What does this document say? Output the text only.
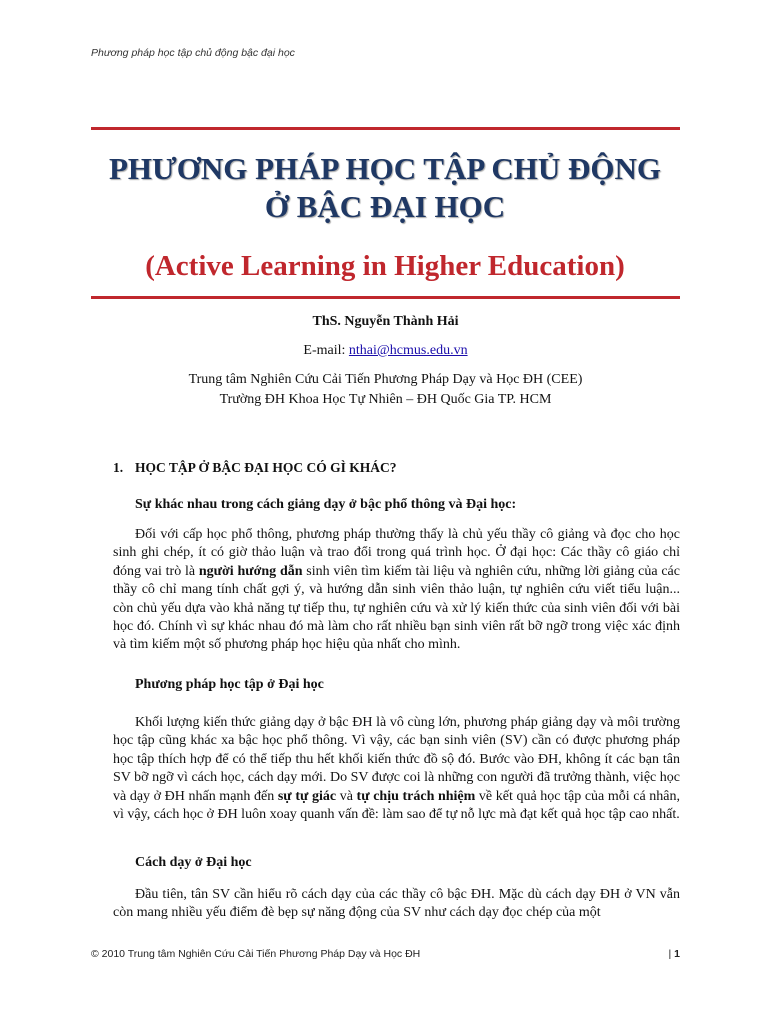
Phương pháp học tập chủ động bậc đại học
PHƯƠNG PHÁP HỌC TẬP CHỦ ĐỘNG
Ở BẬC ĐẠI HỌC
(Active Learning in Higher Education)
ThS. Nguyễn Thành Hải
E-mail: nthai@hcmus.edu.vn
Trung tâm Nghiên Cứu Cải Tiến Phương Pháp Dạy và Học ĐH (CEE)
Trường ĐH Khoa Học Tự Nhiên – ĐH Quốc Gia TP. HCM
1. HỌC TẬP Ở BẬC ĐẠI HỌC CÓ GÌ KHÁC?
Sự khác nhau trong cách giảng dạy ở bậc phổ thông và Đại học:

Đối với cấp học phổ thông, phương pháp thường thấy là chủ yếu thầy cô giảng và đọc cho học sinh ghi chép, ít có giờ thảo luận và trao đổi trong quá trình học. Ở đại học: Các thầy cô giáo chỉ đóng vai trò là người hướng dẫn sinh viên tìm kiếm tài liệu và nghiên cứu, những lời giảng của các thầy cô chỉ mang tính chất gợi ý, và hướng dẫn sinh viên thảo luận, tự nghiên cứu viết tiểu luận... còn chủ yếu dựa vào khả năng tự tiếp thu, tự nghiên cứu và xử lý kiến thức của sinh viên đối với bài học đó. Chính vì sự khác nhau đó mà làm cho rất nhiều bạn sinh viên rất bỡ ngỡ trong việc xác định và tìm kiếm một số phương pháp học hiệu qủa nhất cho mình.

Phương pháp học tập ở Đại học

Khối lượng kiến thức giảng dạy ở bậc ĐH là vô cùng lớn, phương pháp giảng dạy và môi trường học tập cũng khác xa bậc học phổ thông. Vì vậy, các bạn sinh viên (SV) cần có được phương pháp học tập thích hợp để có thể tiếp thu hết khối kiến thức đồ sộ đó. Bước vào ĐH, không ít các bạn tân SV bỡ ngỡ vì cách học, cách dạy mới. Do SV được coi là những con người đã trưởng thành, việc học và dạy ở ĐH nhấn mạnh đến sự tự giác và tự chịu trách nhiệm về kết quả học tập của mỗi cá nhân, vì vậy, cách học ở ĐH luôn xoay quanh vấn đề: làm sao để tự nỗ lực mà đạt kết quả học tập cao nhất.

Cách dạy ở Đại học

Đầu tiên, tân SV cần hiểu rõ cách dạy của các thầy cô bậc ĐH. Mặc dù cách dạy ĐH ở VN vẫn còn mang nhiều yếu điểm đè bẹp sự năng động của SV như cách dạy đọc chép của một

© 2010 Trung tâm Nghiên Cứu Cải Tiến Phương Pháp Dạy và Học ĐH	| 1
